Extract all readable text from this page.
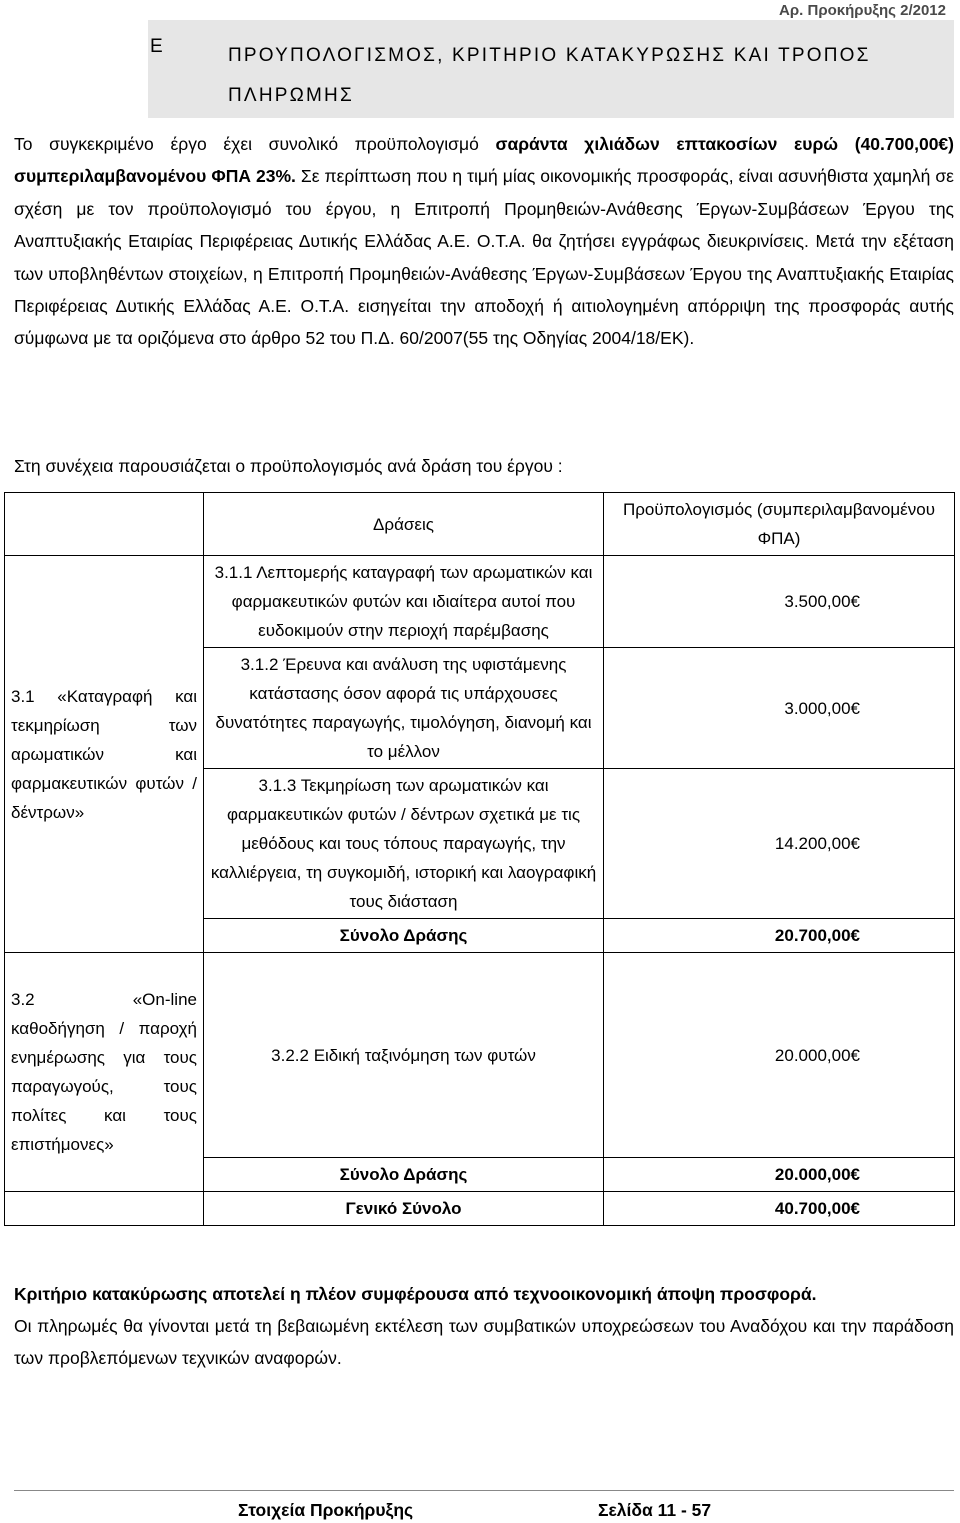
Αρ. Προκήρυξης 2/2012
Ε	ΠΡΟΥΠΟΛΟΓΙΣΜΟΣ, ΚΡΙΤΗΡΙΟ ΚΑΤΑΚΥΡΩΣΗΣ ΚΑΙ ΤΡΟΠΟΣ ΠΛΗΡΩΜΗΣ
Το συγκεκριμένο έργο έχει συνολικό προϋπολογισμό σαράντα χιλιάδων επτακοσίων ευρώ (40.700,00€) συμπεριλαμβανομένου ΦΠΑ 23%. Σε περίπτωση που η τιμή μίας οικονομικής προσφοράς, είναι ασυνήθιστα χαμηλή σε σχέση με τον προϋπολογισμό του έργου, η Επιτροπή Προμηθειών-Ανάθεσης Έργων-Συμβάσεων Έργου της Αναπτυξιακής Εταιρίας Περιφέρειας Δυτικής Ελλάδας Α.Ε. Ο.Τ.Α. θα ζητήσει εγγράφως διευκρινίσεις. Μετά την εξέταση των υποβληθέντων στοιχείων, η Επιτροπή Προμηθειών-Ανάθεσης Έργων-Συμβάσεων Έργου της Αναπτυξιακής Εταιρίας Περιφέρειας Δυτικής Ελλάδας Α.Ε. Ο.Τ.Α. εισηγείται την αποδοχή ή αιτιολογημένη απόρριψη της προσφοράς αυτής σύμφωνα με τα οριζόμενα στο άρθρο 52 του Π.Δ. 60/2007(55 της Οδηγίας 2004/18/ΕΚ).
Στη συνέχεια παρουσιάζεται ο προϋπολογισμός ανά δράση του έργου :
	Δράσεις	Προϋπολογισμός (συμπεριλαμβανομένου ΦΠΑ)
3.1 «Καταγραφή και τεκμηρίωση των αρωματικών και φαρμακευτικών φυτών / δέντρων»	3.1.1 Λεπτομερής καταγραφή των αρωματικών και φαρμακευτικών φυτών και ιδιαίτερα αυτοί που ευδοκιμούν στην περιοχή παρέμβασης	3.500,00€
	3.1.2 Έρευνα και ανάλυση της υφιστάμενης κατάστασης όσον αφορά τις υπάρχουσες δυνατότητες παραγωγής, τιμολόγηση, διανομή και το μέλλον	3.000,00€
	3.1.3 Τεκμηρίωση των αρωματικών και φαρμακευτικών φυτών / δέντρων σχετικά με τις μεθόδους και τους τόπους παραγωγής, την καλλιέργεια, τη συγκομιδή, ιστορική και λαογραφική τους διάσταση	14.200,00€
	Σύνολο Δράσης	20.700,00€
3.2 «On-line καθοδήγηση / παροχή ενημέρωσης για τους παραγωγούς, τους πολίτες και τους επιστήμονες»	3.2.2 Ειδική ταξινόμηση των φυτών	20.000,00€
	Σύνολο Δράσης	20.000,00€
	Γενικό Σύνολο	40.700,00€
Κριτήριο κατακύρωσης αποτελεί η πλέον συμφέρουσα από τεχνοοικονομική άποψη προσφορά.
Οι πληρωμές θα γίνονται μετά τη βεβαιωμένη εκτέλεση των συμβατικών υποχρεώσεων του Αναδόχου και την παράδοση των προβλεπόμενων τεχνικών αναφορών.
Στοιχεία Προκήρυξης	Σελίδα 11 - 57
